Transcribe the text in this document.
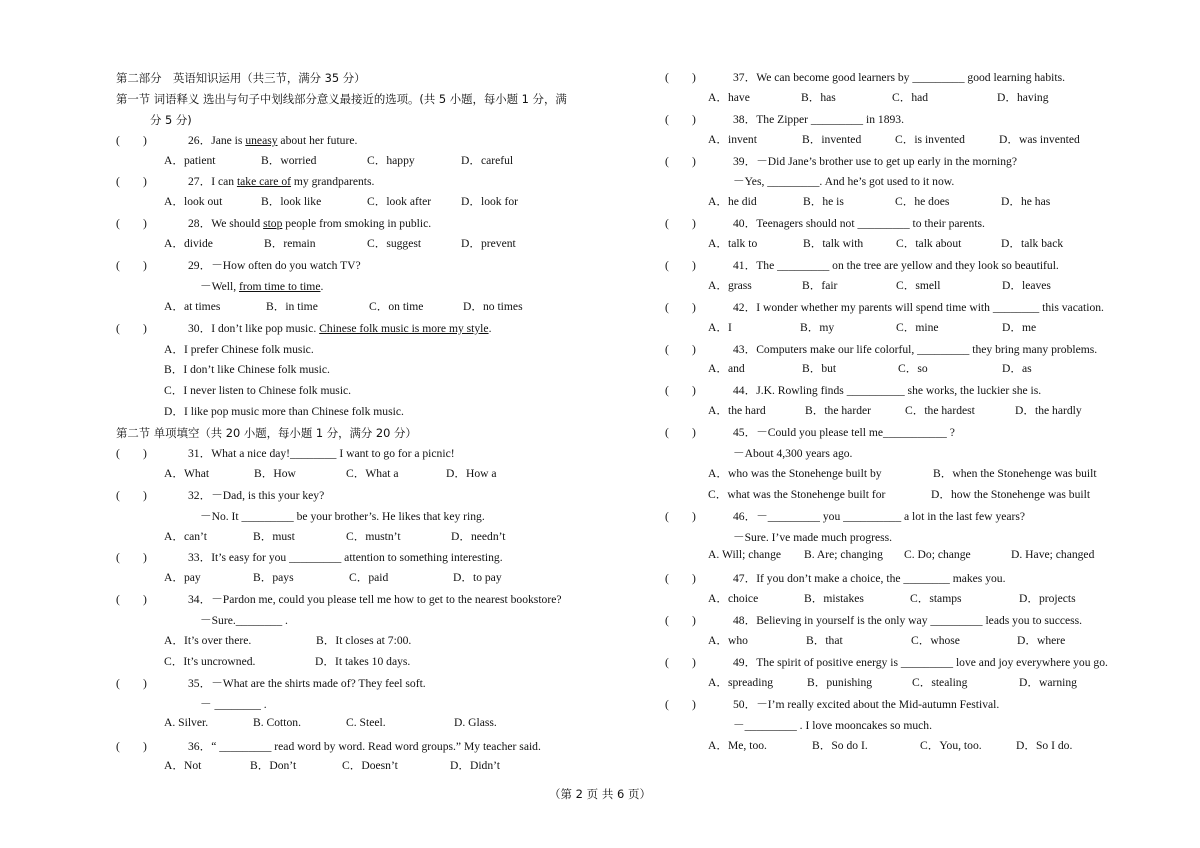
第二部分　英语知识运用（共三节，满分 35 分）
第一节 词语释义 选出与句子中划线部分意义最接近的选项。(共 5 小题，每小题 1 分，满
分 5 分)
(　　)	26．Jane is uneasy about her future.
A．patient	B．worried	C．happy	D．careful
(　　)	27．I can take care of my grandparents.
A．look out	B．look like	C．look after	D．look for
(　　)	28．We should stop people from smoking in public.
A．divide	B．remain	C．suggest	D．prevent
(　　)	29．－How often do you watch TV?
－Well, from time to time.
A．at times	B．in time	C．on time	D．no times
(　　)	30．I don’t like pop music. Chinese folk music is more my style.
A．I prefer Chinese folk music.
B．I don’t like Chinese folk music.
C．I never listen to Chinese folk music.
D．I like pop music more than Chinese folk music.
第二节 单项填空（共 20 小题，每小题 1 分，满分 20 分）
(　　)	31．What a nice day!________ I want to go for a picnic!
A．What	B．How	C．What a	D．How a
(　　)	32．－Dad, is this your key?
－No. It _________ be your brother’s. He likes that key ring.
A．can’t	B．must	C．mustn’t	D．needn’t
(　　)	33．It’s easy for you _________ attention to something interesting.
A．pay	B．pays	C．paid	D．to pay
(　　)	34．－Pardon me, could you please tell me how to get to the nearest bookstore?
－Sure.________ .
A．It’s over there.	B．It closes at 7:00.
C．It’s uncrowned.	D．It takes 10 days.
(　　)	35．－What are the shirts made of? They feel soft.
－ ________ .
A. Silver.	B. Cotton.	C. Steel.	D. Glass.
(　　)	36．“ _________ read word by word. Read word groups.” My teacher said.
A．Not	B．Don’t	C．Doesn’t	D．Didn’t
(　　)	37．We can become good learners by _________ good learning habits.
A．have	B．has	C．had	D．having
(　　)	38．The Zipper _________ in 1893.
A．invent	B．invented	C．is invented	D．was invented
(　　)	39．－Did Jane’s brother use to get up early in the morning?
－Yes, _________. And he’s got used to it now.
A．he did	B．he is	C．he does	D．he has
(　　)	40．Teenagers should not _________ to their parents.
A．talk to	B．talk with	C．talk about	D．talk back
(　　)	41．The _________ on the tree are yellow and they look so beautiful.
A．grass	B．fair	C．smell	D．leaves
(　　)	42．I wonder whether my parents will spend time with ________ this vacation.
A．I	B．my	C．mine	D．me
(　　)	43．Computers make our life colorful, _________ they bring many problems.
A．and	B．but	C．so	D．as
(　　)	44．J.K. Rowling finds __________ she works, the luckier she is.
A．the hard	B．the harder	C．the hardest	D．the hardly
(　　)	45．－Could you please tell me___________ ?
－About 4,300 years ago.
A．who was the Stonehenge built by	B．when the Stonehenge was built
C．what was the Stonehenge built for	D．how the Stonehenge was built
(　　)	46．－_________ you __________ a lot in the last few years?
－Sure. I’ve made much progress.
A. Will; change B. Are; changing C. Do; change	D. Have; changed
(　　)	47．If you don’t make a choice, the ________ makes you.
A．choice	B．mistakes	C．stamps	D．projects
(　　)	48．Believing in yourself is the only way _________ leads you to success.
A．who	B．that	C．whose	D．where
(　　)	49．The spirit of positive energy is _________ love and joy everywhere you go.
A．spreading	B．punishing	C．stealing	D．warning
(　　)	50．－I’m really excited about the Mid-autumn Festival.
－_________ . I love mooncakes so much.
A．Me, too.	B．So do I.	C．You, too.	D．So I do.
（第 2 页 共 6 页）
